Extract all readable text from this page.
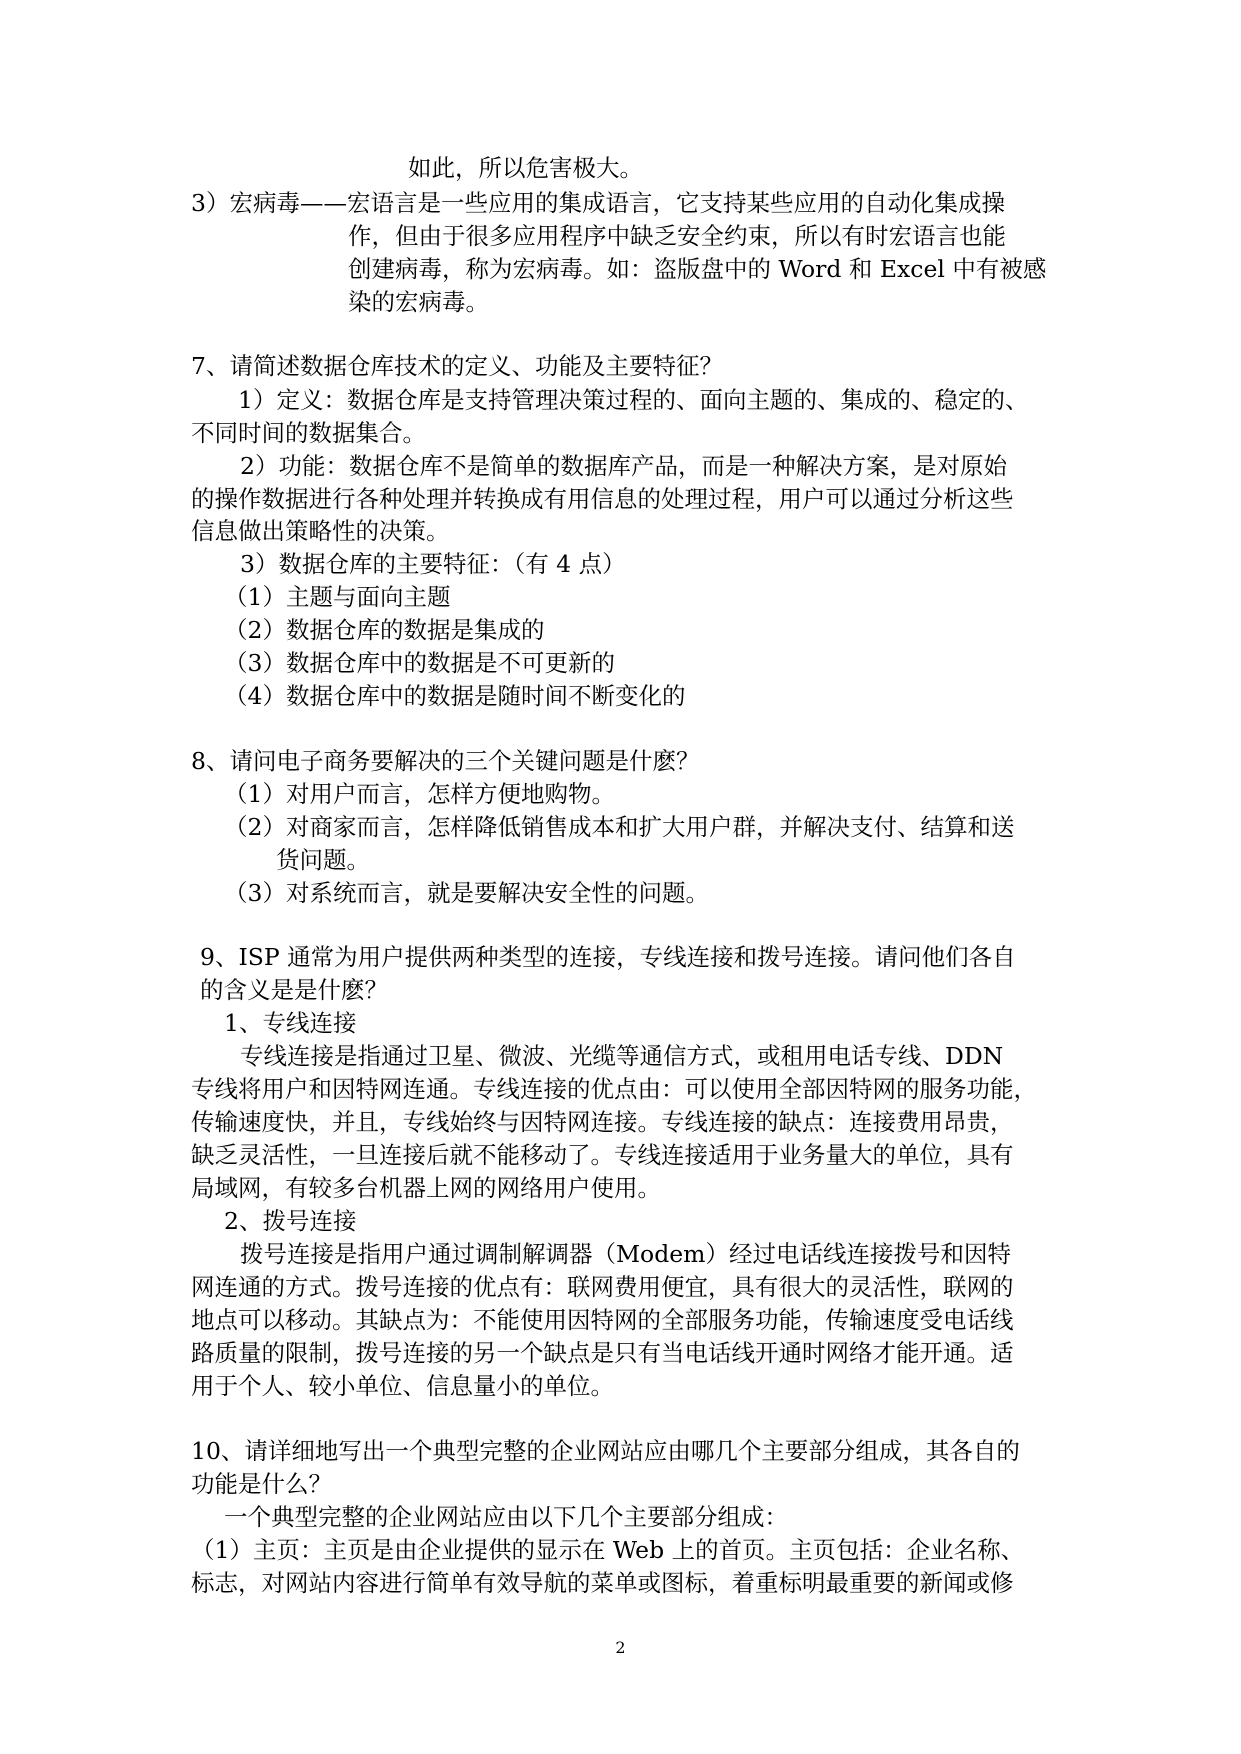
如此，所以危害极大。

3）宏病毒——宏语言是一些应用的集成语言，它支持某些应用的自动化集成操

作，但由于很多应用程序中缺乏安全约束，所以有时宏语言也能

创建病毒，称为宏病毒。如：盗版盘中的 Word 和 Excel 中有被感

染的宏病毒。

7、请简述数据仓库技术的定义、功能及主要特征？

1）定义：数据仓库是支持管理决策过程的、面向主题的、集成的、稳定的、

不同时间的数据集合。

2）功能：数据仓库不是简单的数据库产品，而是一种解决方案，是对原始

的操作数据进行各种处理并转换成有用信息的处理过程，用户可以通过分析这些

信息做出策略性的决策。

3）数据仓库的主要特征：（有 4 点）

（1）主题与面向主题

（2）数据仓库的数据是集成的

（3）数据仓库中的数据是不可更新的

（4）数据仓库中的数据是随时间不断变化的

8、请问电子商务要解决的三个关键问题是什麽？

（1）对用户而言，怎样方便地购物。

（2）对商家而言，怎样降低销售成本和扩大用户群，并解决支付、结算和送

货问题。

（3）对系统而言，就是要解决安全性的问题。

9、ISP 通常为用户提供两种类型的连接，专线连接和拨号连接。请问他们各自

的含义是是什麽？

1、专线连接

专线连接是指通过卫星、微波、光缆等通信方式，或租用电话专线、DDN

专线将用户和因特网连通。专线连接的优点由：可以使用全部因特网的服务功能，

传输速度快，并且，专线始终与因特网连接。专线连接的缺点：连接费用昂贵，

缺乏灵活性，一旦连接后就不能移动了。专线连接适用于业务量大的单位，具有

局域网，有较多台机器上网的网络用户使用。

2、拨号连接

拨号连接是指用户通过调制解调器（Modem）经过电话线连接拨号和因特

网连通的方式。拨号连接的优点有：联网费用便宜，具有很大的灵活性，联网的

地点可以移动。其缺点为：不能使用因特网的全部服务功能，传输速度受电话线

路质量的限制，拨号连接的另一个缺点是只有当电话线开通时网络才能开通。适

用于个人、较小单位、信息量小的单位。

10、请详细地写出一个典型完整的企业网站应由哪几个主要部分组成，其各自的

功能是什么？

一个典型完整的企业网站应由以下几个主要部分组成：

（1）主页：主页是由企业提供的显示在 Web 上的首页。主页包括：企业名称、

标志，对网站内容进行简单有效导航的菜单或图标，着重标明最重要的新闻或修

2
